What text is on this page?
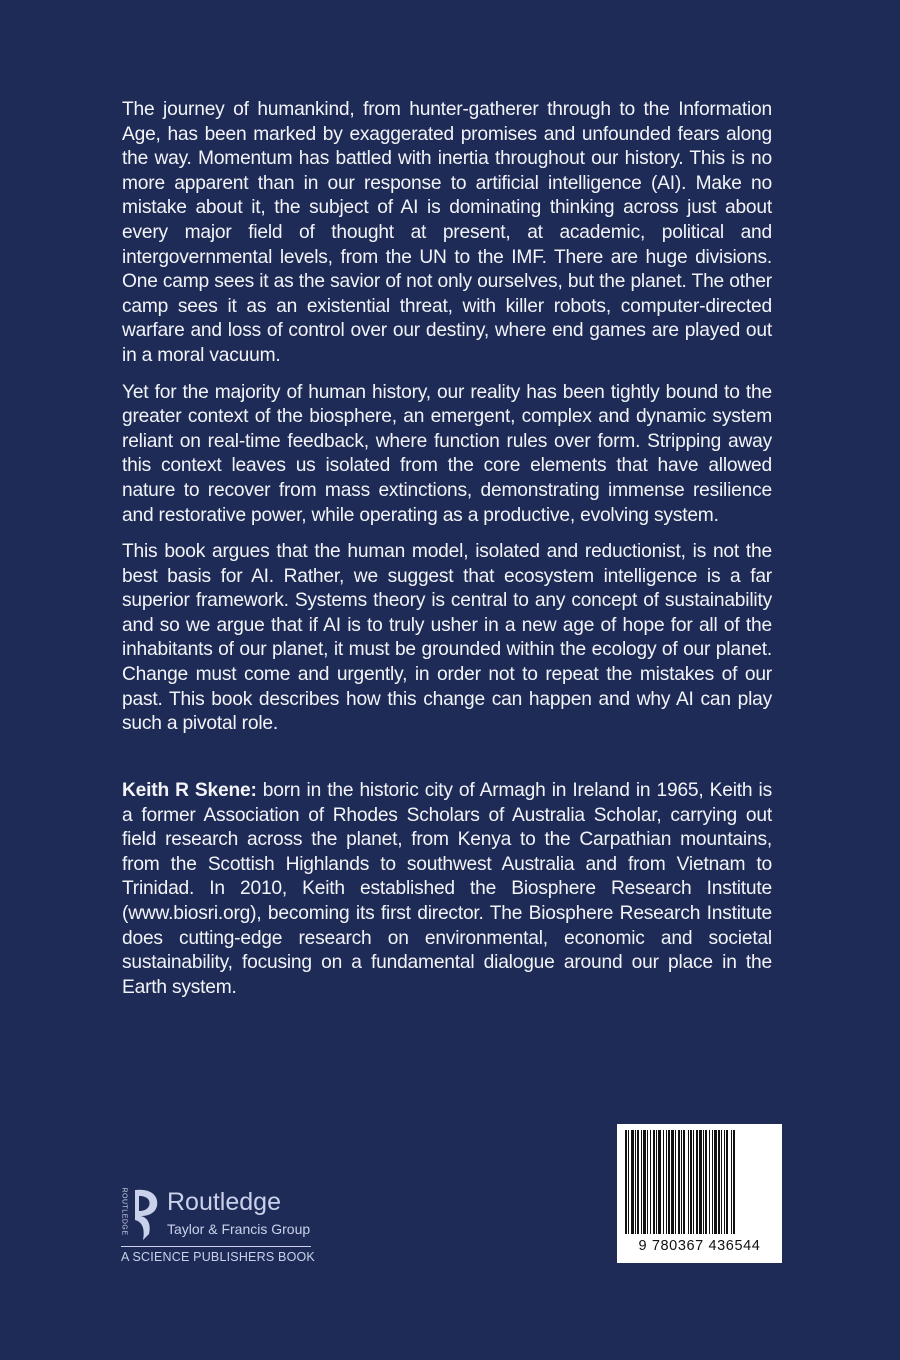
The journey of humankind, from hunter-gatherer through to the Information Age, has been marked by exaggerated promises and unfounded fears along the way. Momentum has battled with inertia throughout our history. This is no more apparent than in our response to artificial intelligence (AI). Make no mistake about it, the subject of AI is dominating thinking across just about every major field of thought at present, at academic, political and intergovernmental levels, from the UN to the IMF. There are huge divisions. One camp sees it as the savior of not only ourselves, but the planet. The other camp sees it as an existential threat, with killer robots, computer-directed warfare and loss of control over our destiny, where end games are played out in a moral vacuum.

Yet for the majority of human history, our reality has been tightly bound to the greater context of the biosphere, an emergent, complex and dynamic system reliant on real-time feedback, where function rules over form. Stripping away this context leaves us isolated from the core elements that have allowed nature to recover from mass extinctions, demonstrating immense resilience and restorative power, while operating as a productive, evolving system.

This book argues that the human model, isolated and reductionist, is not the best basis for AI. Rather, we suggest that ecosystem intelligence is a far superior framework. Systems theory is central to any concept of sustainability and so we argue that if AI is to truly usher in a new age of hope for all of the inhabitants of our planet, it must be grounded within the ecology of our planet. Change must come and urgently, in order not to repeat the mistakes of our past. This book describes how this change can happen and why AI can play such a pivotal role.

Keith R Skene: born in the historic city of Armagh in Ireland in 1965, Keith is a former Association of Rhodes Scholars of Australia Scholar, carrying out field research across the planet, from Kenya to the Carpathian mountains, from the Scottish Highlands to southwest Australia and from Vietnam to Trinidad. In 2010, Keith established the Biosphere Research Institute (www.biosri.org), becoming its first director. The Biosphere Research Institute does cutting-edge research on environmental, economic and societal sustainability, focusing on a fundamental dialogue around our place in the Earth system.

ROUTLEDGE Routledge
Taylor & Francis Group
A SCIENCE PUBLISHERS BOOK
9 780367 436544
